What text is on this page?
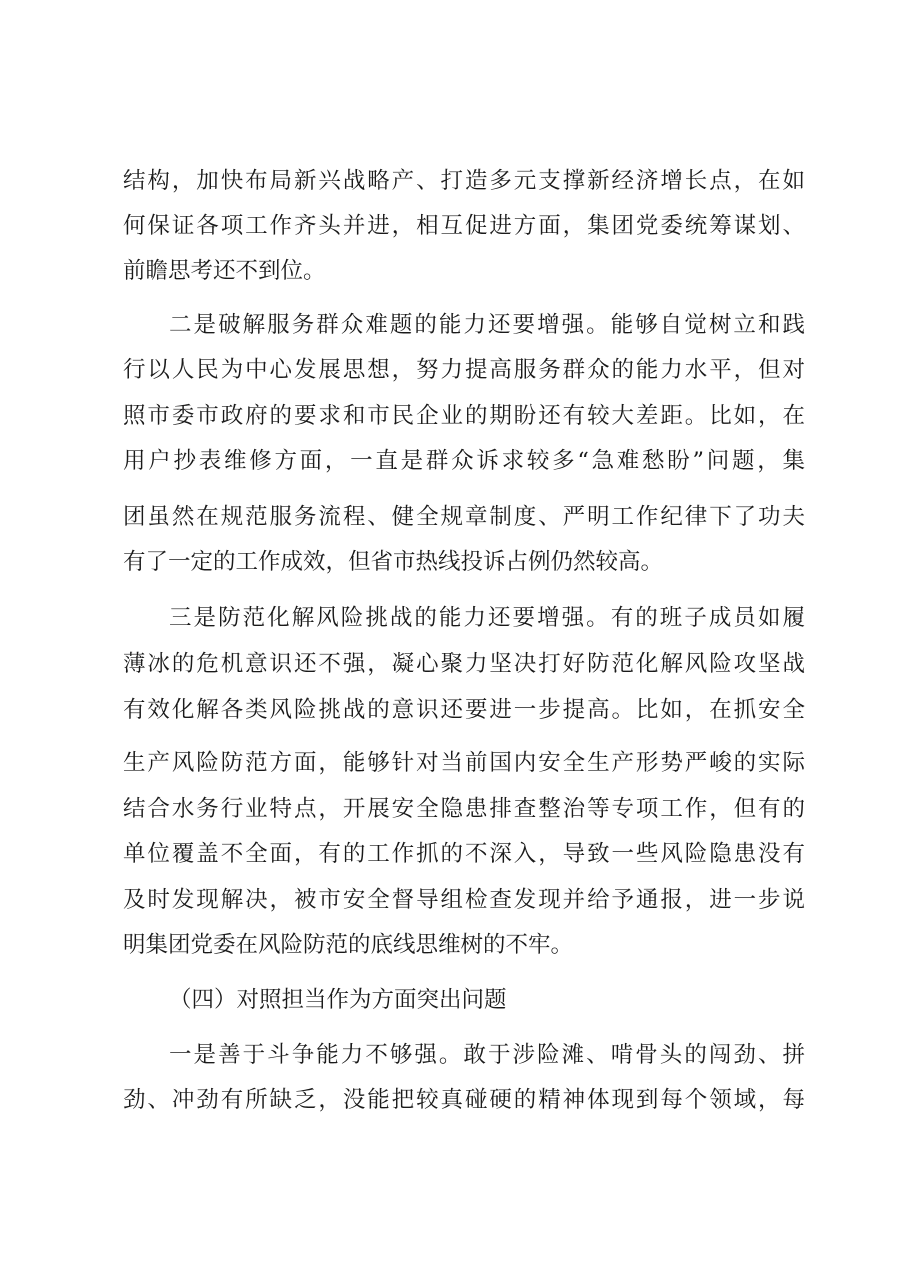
结构，加快布局新兴战略产、打造多元支撑新经济增长点，在如
何保证各项工作齐头并进，相互促进方面，集团党委统筹谋划、
前瞻思考还不到位。
二是破解服务群众难题的能力还要增强。能够自觉树立和践
行以人民为中心发展思想，努力提高服务群众的能力水平，但对
照市委市政府的要求和市民企业的期盼还有较大差距。比如，在
用户抄表维修方面，一直是群众诉求较多“急难愁盼”问题，集
团虽然在规范服务流程、健全规章制度、严明工作纪律下了功夫
有了一定的工作成效，但省市热线投诉占例仍然较高。
三是防范化解风险挑战的能力还要增强。有的班子成员如履
薄冰的危机意识还不强，凝心聚力坚决打好防范化解风险攻坚战
有效化解各类风险挑战的意识还要进一步提高。比如，在抓安全
生产风险防范方面，能够针对当前国内安全生产形势严峻的实际
结合水务行业特点，开展安全隐患排查整治等专项工作，但有的
单位覆盖不全面，有的工作抓的不深入，导致一些风险隐患没有
及时发现解决，被市安全督导组检查发现并给予通报，进一步说
明集团党委在风险防范的底线思维树的不牢。
（四）对照担当作为方面突出问题
一是善于斗争能力不够强。敢于涉险滩、啃骨头的闯劲、拼
劲、冲劲有所缺乏，没能把较真碰硬的精神体现到每个领域，每
